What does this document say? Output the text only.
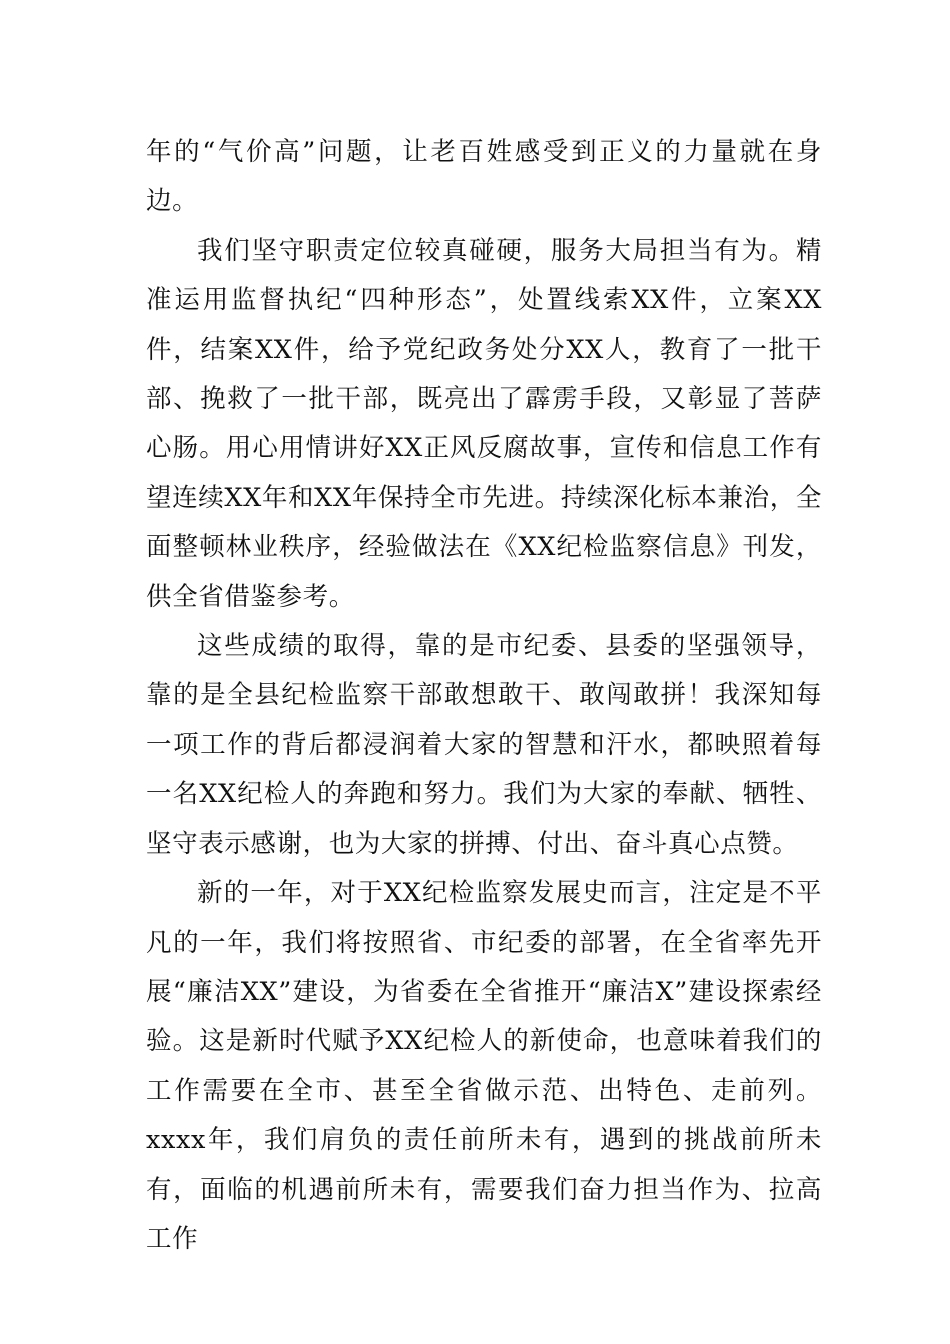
年的“气价高”问题，让老百姓感受到正义的力量就在身边。

我们坚守职责定位较真碰硬，服务大局担当有为。精准运用监督执纪“四种形态”，处置线索XX件，立案XX件，结案XX件，给予党纪政务处分XX人，教育了一批干部、挽救了一批干部，既亮出了霹雳手段，又彰显了菩萨心肠。用心用情讲好XX正风反腐故事，宣传和信息工作有望连续XX年和XX年保持全市先进。持续深化标本兼治，全面整顿林业秩序，经验做法在《XX纪检监察信息》刊发，供全省借鉴参考。

这些成绩的取得，靠的是市纪委、县委的坚强领导，靠的是全县纪检监察干部敢想敢干、敢闯敢拼！我深知每一项工作的背后都浸润着大家的智慧和汗水，都映照着每一名XX纪检人的奔跑和努力。我们为大家的奉献、牺牲、坚守表示感谢，也为大家的拼搏、付出、奋斗真心点赞。

新的一年，对于XX纪检监察发展史而言，注定是不平凡的一年，我们将按照省、市纪委的部署，在全省率先开展“廉洁XX”建设，为省委在全省推开“廉洁X”建设探索经验。这是新时代赋予XX纪检人的新使命，也意味着我们的工作需要在全市、甚至全省做示范、出特色、走前列。xxxx年，我们肩负的责任前所未有，遇到的挑战前所未有，面临的机遇前所未有，需要我们奋力担当作为、拉高工作
